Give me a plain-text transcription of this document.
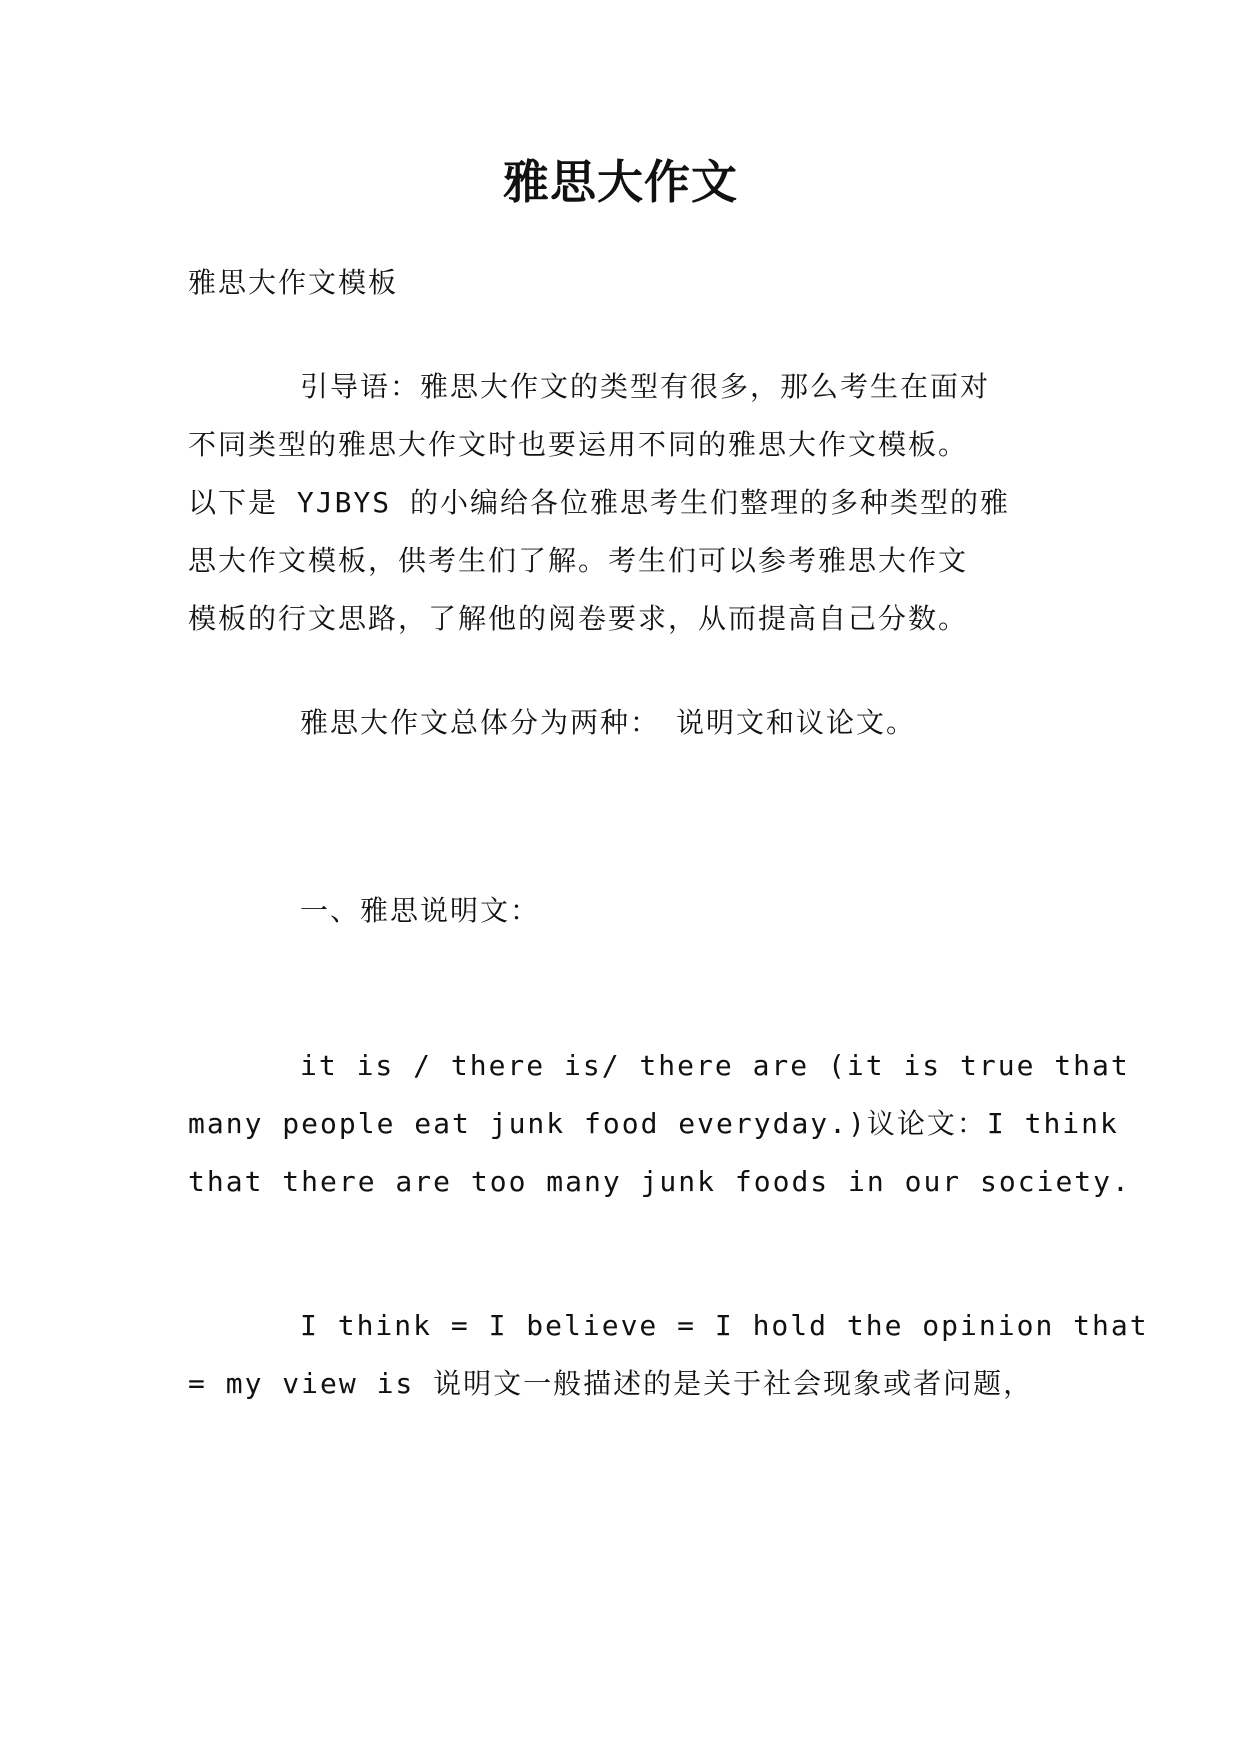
雅思大作文

雅思大作文模板

引导语：雅思大作文的类型有很多，那么考生在面对
不同类型的雅思大作文时也要运用不同的雅思大作文模板。
以下是 YJBYS 的小编给各位雅思考生们整理的多种类型的雅
思大作文模板，供考生们了解。考生们可以参考雅思大作文
模板的行文思路，了解他的阅卷要求，从而提高自己分数。

雅思大作文总体分为两种：　说明文和议论文。

一、雅思说明文：

it is / there is/ there are (it is true that
many people eat junk food everyday.)议论文：I think
that there are too many junk foods in our society.

I think = I believe = I hold the opinion that
= my view is 说明文一般描述的是关于社会现象或者问题，
